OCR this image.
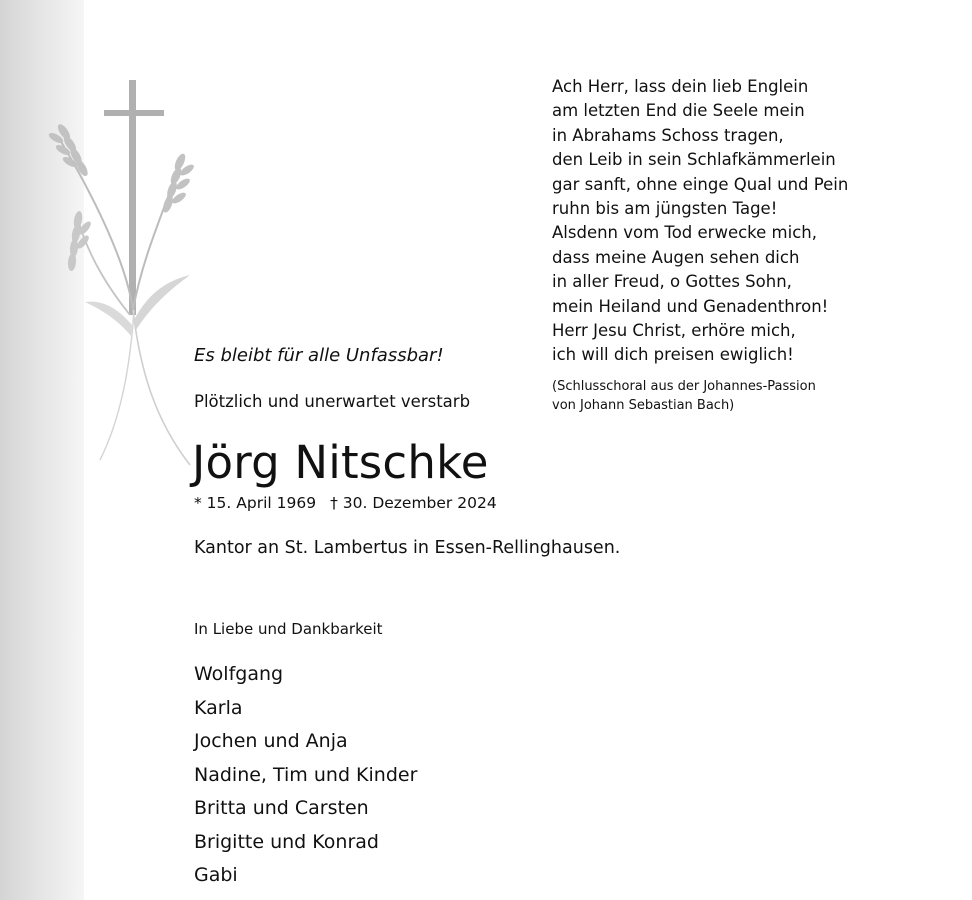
Ach Herr, lass dein lieb Englein
am letzten End die Seele mein
in Abrahams Schoss tragen,
den Leib in sein Schlafkämmerlein
gar sanft, ohne einge Qual und Pein
ruhn bis am jüngsten Tage!
Alsdenn vom Tod erwecke mich,
dass meine Augen sehen dich
in aller Freud, o Gottes Sohn,
mein Heiland und Genadenthron!
Herr Jesu Christ, erhöre mich,
ich will dich preisen ewiglich!
(Schlusschoral aus der Johannes-Passion
von Johann Sebastian Bach)
Es bleibt für alle Unfassbar!
Plötzlich und unerwartet verstarb
Jörg Nitschke
* 15. April 1969 † 30. Dezember 2024
Kantor an St. Lambertus in Essen-Rellinghausen.
In Liebe und Dankbarkeit
Wolfgang
Karla
Jochen und Anja
Nadine, Tim und Kinder
Britta und Carsten
Brigitte und Konrad
Gabi
